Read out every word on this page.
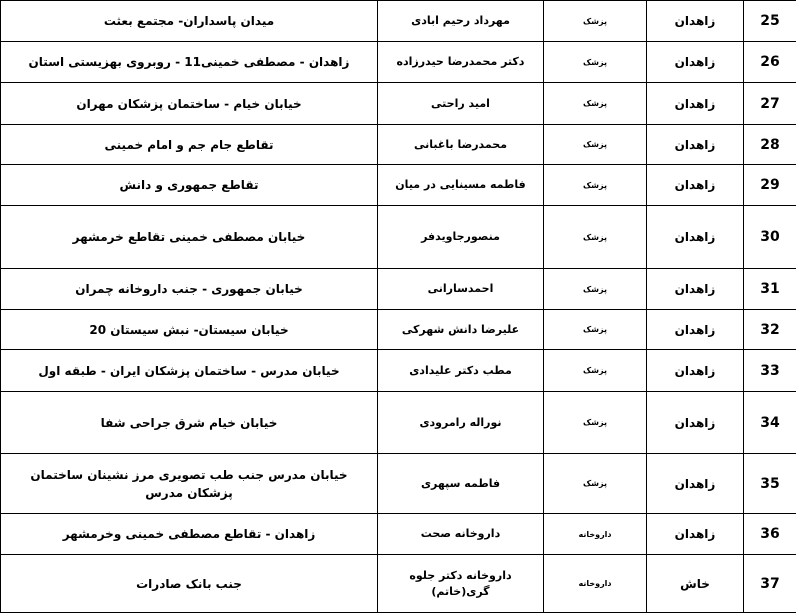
25	زاهدان	پزشک	مهرداد رحیم ابادی	میدان پاسداران- مجتمع بعثت
26	زاهدان	پزشک	دکتر محمدرضا حیدرزاده	زاهدان - مصطفی خمینی11 - روبروی بهزیستی استان
27	زاهدان	پزشک	امید راحتی	خیابان خیام - ساختمان پزشکان مهران
28	زاهدان	پزشک	محمدرضا باغبانی	تقاطع جام جم و امام خمینی
29	زاهدان	پزشک	فاطمه مسینایی در میان	تقاطع جمهوری و دانش
30	زاهدان	پزشک	منصورجاویدفر	خیابان مصطفی خمینی تقاطع خرمشهر
31	زاهدان	پزشک	احمدسارانی	خیابان جمهوری - جنب داروخانه چمران
32	زاهدان	پزشک	علیرضا دانش شهرکی	خیابان سیستان- نبش سیستان 20
33	زاهدان	پزشک	مطب دکتر علیدادی	خیابان مدرس - ساختمان پزشکان ایران - طبقه اول
34	زاهدان	پزشک	نوراله رامرودی	خیابان خیام شرق جراحی شفا
35	زاهدان	پزشک	فاطمه سپهری	خیابان مدرس جنب طب تصویری مرز نشینان ساختمان پزشکان مدرس
36	زاهدان	داروخانه	داروخانه صحت	زاهدان - تقاطع مصطفی خمینی وخرمشهر
37	خاش	داروخانه	داروخانه دکتر جلوه گری(خاتم)	جنب بانک صادرات
